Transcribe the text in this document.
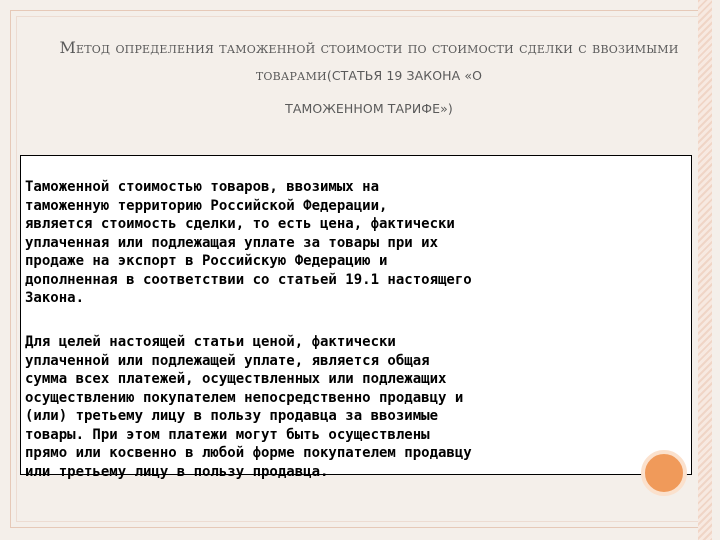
Метод определения таможенной стоимости по стоимости сделки с ввозимыми товарами(СТАТЬЯ 19 ЗАКОНА «О
ТАМОЖЕННОМ ТАРИФЕ»)

Таможенной стоимостью товаров, ввозимых на
таможенную территорию Российской Федерации,
является стоимость сделки, то есть цена, фактически
уплаченная или подлежащая уплате за товары при их
продаже на экспорт в Российскую Федерацию и
дополненная в соответствии со статьей 19.1 настоящего
Закона.

Для целей настоящей статьи ценой, фактически
уплаченной или подлежащей уплате, является общая
сумма всех платежей, осуществленных или подлежащих
осуществлению покупателем непосредственно продавцу и
(или) третьему лицу в пользу продавца за ввозимые
товары. При этом платежи могут быть осуществлены
прямо или косвенно в любой форме покупателем продавцу
или третьему лицу в пользу продавца.
